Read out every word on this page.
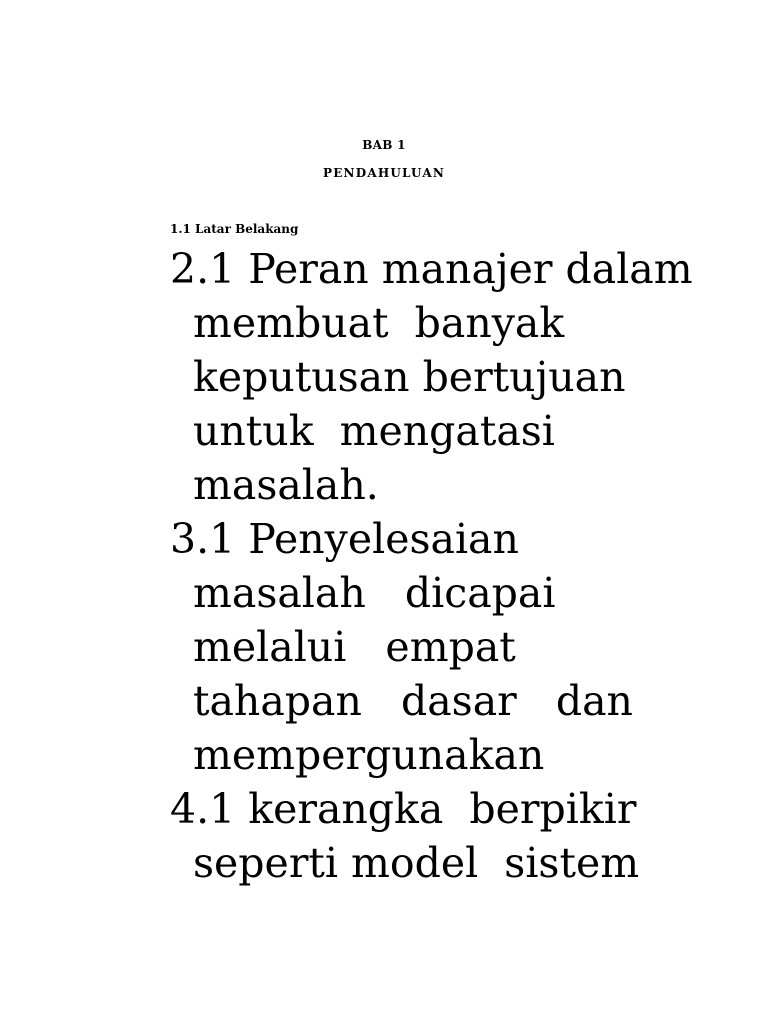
BAB 1
PENDAHULUAN
1.1 Latar Belakang
2.1 Peran manajer dalam
membuat  banyak
keputusan bertujuan
untuk  mengatasi
masalah.
3.1 Penyelesaian
masalah   dicapai
melalui   empat
tahapan   dasar   dan
mempergunakan
4.1 kerangka  berpikir
seperti model  sistem
